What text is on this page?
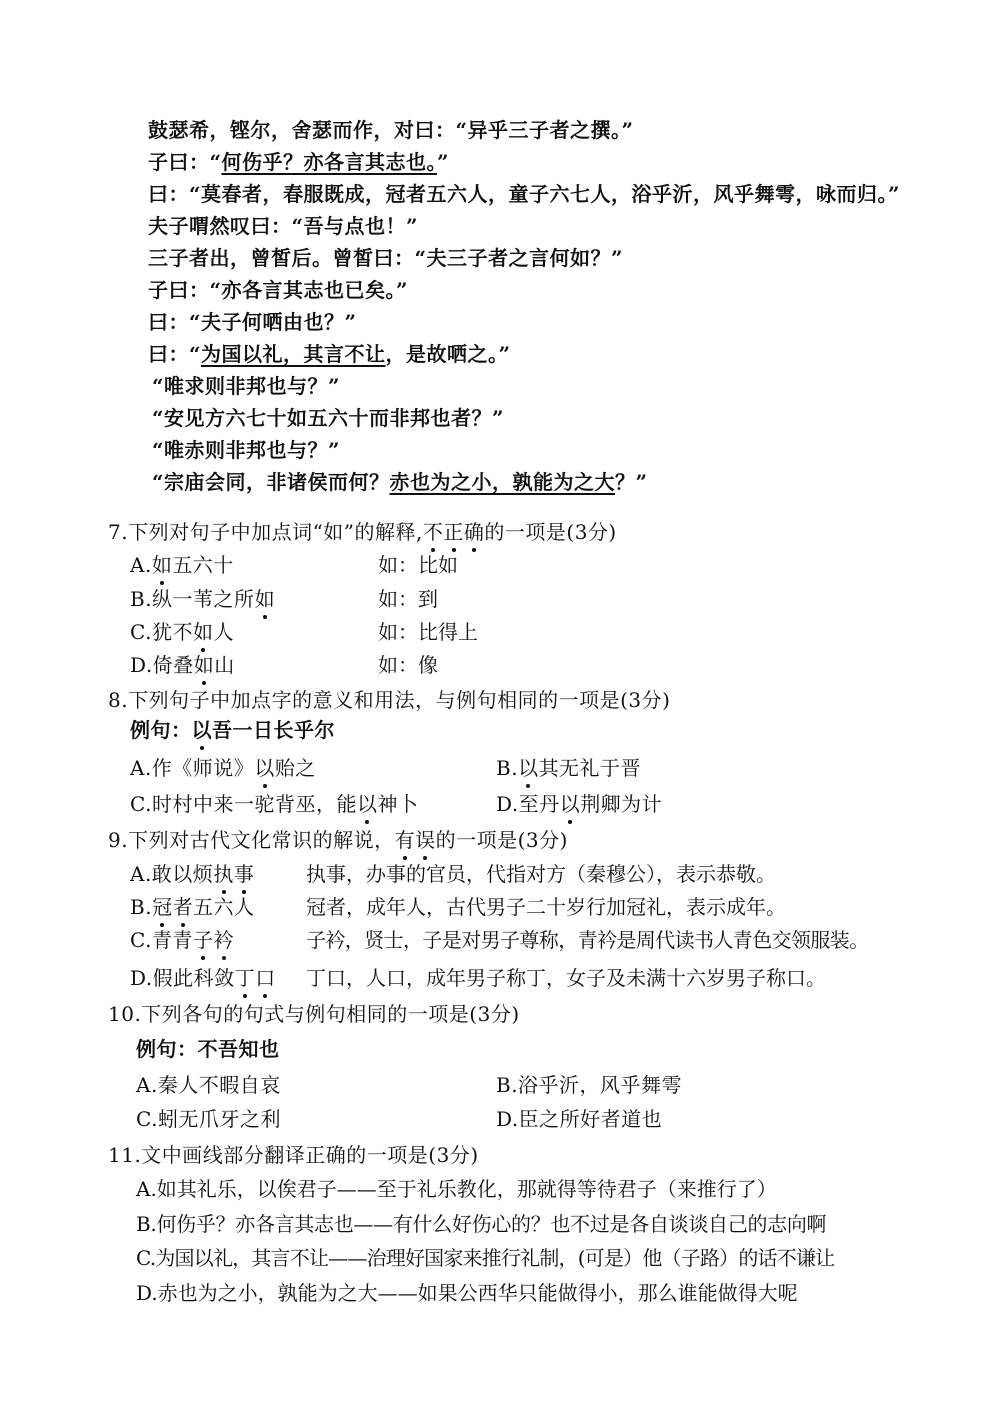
鼓瑟希，铿尔，舍瑟而作，对曰：“异乎三子者之撰。”
子曰：“何伤乎？亦各言其志也。”
曰：“莫春者，春服既成，冠者五六人，童子六七人，浴乎沂，风乎舞雩，咏而归。”
夫子喟然叹曰：“吾与点也！”
三子者出，曾皙后。曾皙曰：“夫三子者之言何如？”
子曰：“亦各言其志也已矣。”
曰：“夫子何哂由也？”
曰：“为国以礼，其言不让，是故哂之。”
“唯求则非邦也与？”
“安见方六七十如五六十而非邦也者？”
“唯赤则非邦也与？”
“宗庙会同，非诸侯而何？赤也为之小，孰能为之大？”
7.下列对句子中加点词“如”的解释,不正确的一项是(3分)
A.如五六十	如：比如
B.纵一苇之所如	如：到
C.犹不如人	如：比得上
D.倚叠如山	如：像
8.下列句子中加点字的意义和用法，与例句相同的一项是(3分)
例句：以吾一日长乎尔
A.作《师说》以贻之	B.以其无礼于晋
C.时村中来一驼背巫，能以神卜	D.至丹以荆卿为计
9.下列对古代文化常识的解说，有误的一项是(3分)
A.敢以烦执事	执事，办事的官员，代指对方（秦穆公），表示恭敬。
B.冠者五六人	冠者，成年人，古代男子二十岁行加冠礼，表示成年。
C.青青子衿	子衿，贤士，子是对男子尊称，青衿是周代读书人青色交领服装。
D.假此科敛丁口 丁口，人口，成年男子称丁，女子及未满十六岁男子称口。
10.下列各句的句式与例句相同的一项是(3分)
例句：不吾知也
A.秦人不暇自哀	B.浴乎沂，风乎舞雩
C.蚓无爪牙之利	D.臣之所好者道也
11.文中画线部分翻译正确的一项是(3分)
A.如其礼乐，以俟君子——至于礼乐教化，那就得等待君子（来推行了）
B.何伤乎？亦各言其志也——有什么好伤心的？也不过是各自谈谈自己的志向啊
C.为国以礼，其言不让——治理好国家来推行礼制，(可是）他（子路）的话不谦让
D.赤也为之小，孰能为之大——如果公西华只能做得小，那么谁能做得大呢
